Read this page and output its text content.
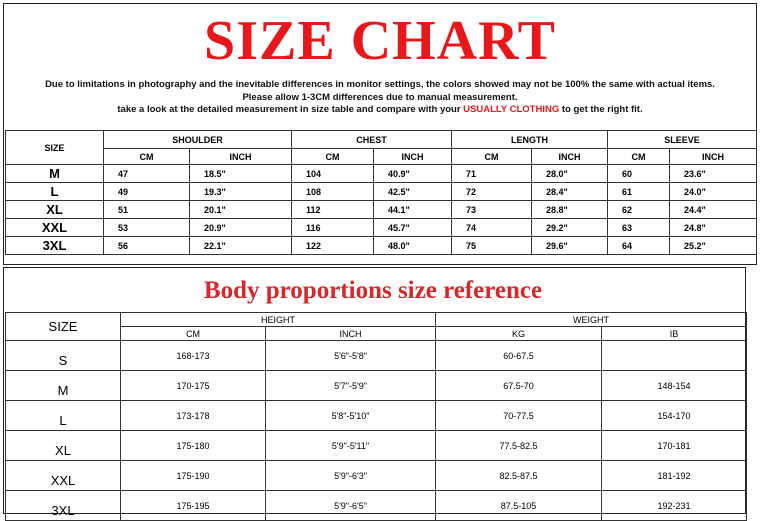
SIZE CHART
Due to limitations in photography and the inevitable differences in monitor settings, the colors showed may not be 100% the same with actual items.
Please allow 1-3CM differences due to manual measurement.
take a look at the detailed measurement in size table and compare with your USUALLY CLOTHING to get the right fit.
SIZE	SHOULDER		CHEST		LENGTH		SLEEVE	
	CM	INCH	CM	INCH	CM	INCH	CM	INCH
M	47	18.5"	104	40.9"	71	28.0"	60	23.6"
L	49	19.3"	108	42.5"	72	28.4"	61	24.0"
XL	51	20.1"	112	44.1"	73	28.8"	62	24.4"
XXL	53	20.9"	116	45.7"	74	29.2"	63	24.8"
3XL	56	22.1"	122	48.0"	75	29.6"	64	25.2"
Body proportions size reference
SIZE	HEIGHT		WEIGHT	
	CM	INCH	KG	IB
S	168-173	5'6"-5'8"	60-67.5	
M	170-175	5'7"-5'9"	67.5-70	148-154
L	173-178	5'8"-5'10"	70-77.5	154-170
XL	175-180	5'9"-5'11"	77.5-82.5	170-181
XXL	175-190	5'9"-6'3"	82.5-87.5	181-192
3XL	175-195	5'9"-6'5"	87.5-105	192-231
